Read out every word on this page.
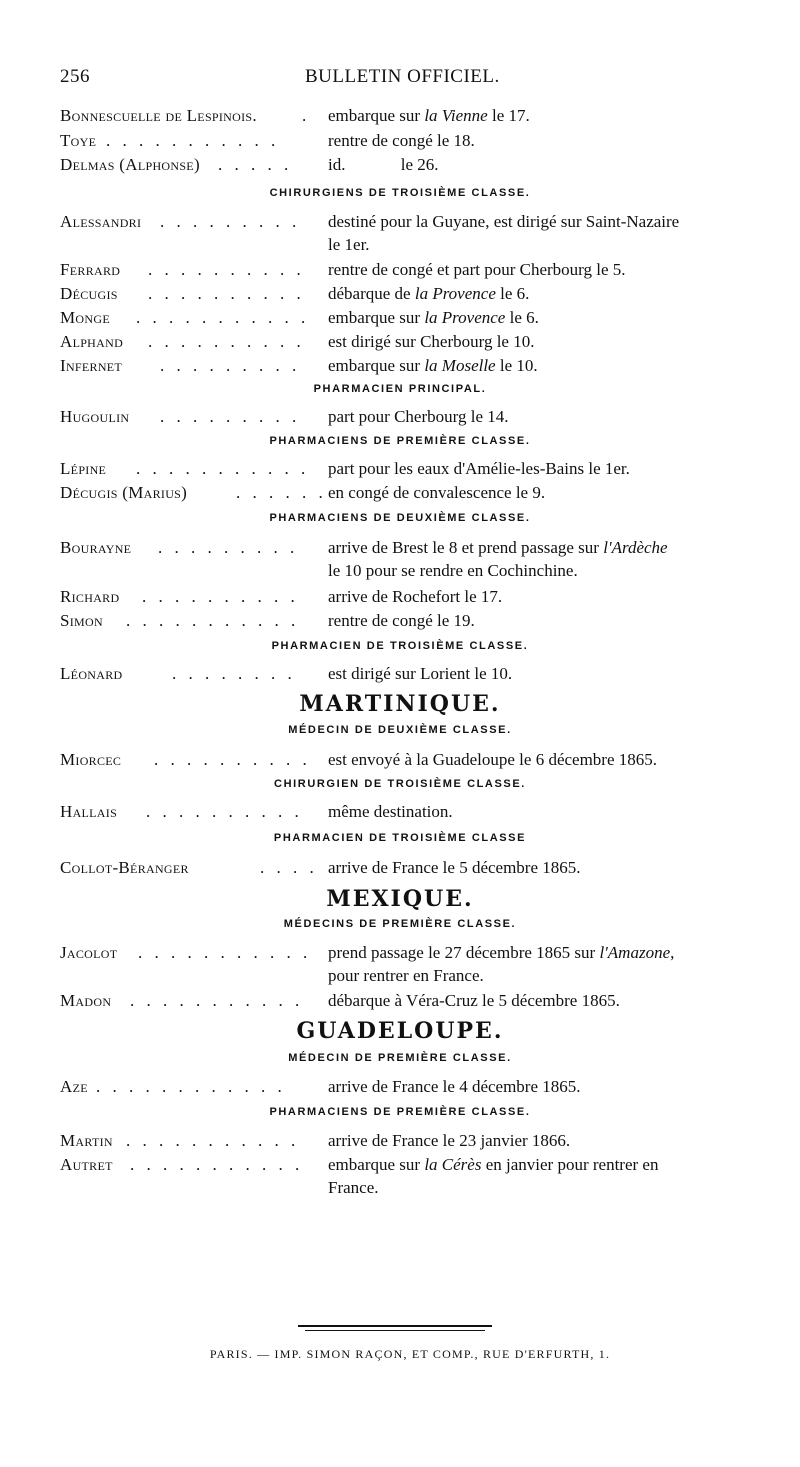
256	BULLETIN OFFICIEL.
Bonnescuelle de Lespinois.	. embarque sur la Vienne le 17.
Toye . . . . . . . . . . .	rentre de congé le 18.
Delmas (Alphonse)	. . . . . id.             le 26.
CHIRURGIENS DE TROISIÈME CLASSE.
Alessandri	. . . . . . . . . destiné pour la Guyane, est dirigé sur Saint-Nazaire
le 1er.
Ferrard	. . . . . . . . . . rentre de congé et part pour Cherbourg le 5.
Décugis	. . . . . . . . . . débarque de la Provence le 6.
Monge	. . . . . . . . . . . embarque sur la Provence le 6.
Alphand	. . . . . . . . . . est dirigé sur Cherbourg le 10.
Infernet	. . . . . . . . . embarque sur la Moselle le 10.
PHARMACIEN PRINCIPAL.
Hugoulin	. . . . . . . . . part pour Cherbourg le 14.
PHARMACIENS DE PREMIÈRE CLASSE.
Lépine	. . . . . . . . . . . part pour les eaux d'Amélie-les-Bains le 1er.
Décugis (Marius)	. . . . . . en congé de convalescence le 9.
PHARMACIENS DE DEUXIÈME CLASSE.
Bourayne	. . . . . . . . . arrive de Brest le 8 et prend passage sur l'Ardèche
le 10 pour se rendre en Cochinchine.
Richard	. . . . . . . . . . arrive de Rochefort le 17.
Simon	. . . . . . . . . . . rentre de congé le 19.
PHARMACIEN DE TROISIÈME CLASSE.
Léonard	. . . . . . . . est dirigé sur Lorient le 10.
MARTINIQUE.
MÉDECIN DE DEUXIÈME CLASSE.
Miorcec	. . . . . . . . . . est envoyé à la Guadeloupe le 6 décembre 1865.
CHIRURGIEN DE TROISIÈME CLASSE.
Hallais	. . . . . . . . . . même destination.
PHARMACIEN DE TROISIÈME CLASSE
Collot-Béranger	. . . . arrive de France le 5 décembre 1865.
MEXIQUE.
MÉDECINS DE PREMIÈRE CLASSE.
Jacolot	. . . . . . . . . . . prend passage le 27 décembre 1865 sur l'Amazone,
pour rentrer en France.
Madon	. . . . . . . . . . . débarque à Véra-Cruz le 5 décembre 1865.
GUADELOUPE.
MÉDECIN DE PREMIÈRE CLASSE.
Aze . . . . . . . . . . . . arrive de France le 4 décembre 1865.
PHARMACIENS DE PREMIÈRE CLASSE.
Martin . . . . . . . . . . . arrive de France le 23 janvier 1866.
Autret	. . . . . . . . . . . embarque sur la Cérès en janvier pour rentrer en
France.
PARIS. — IMP. SIMON RAÇON, ET COMP., RUE D'ERFURTH, 1.
